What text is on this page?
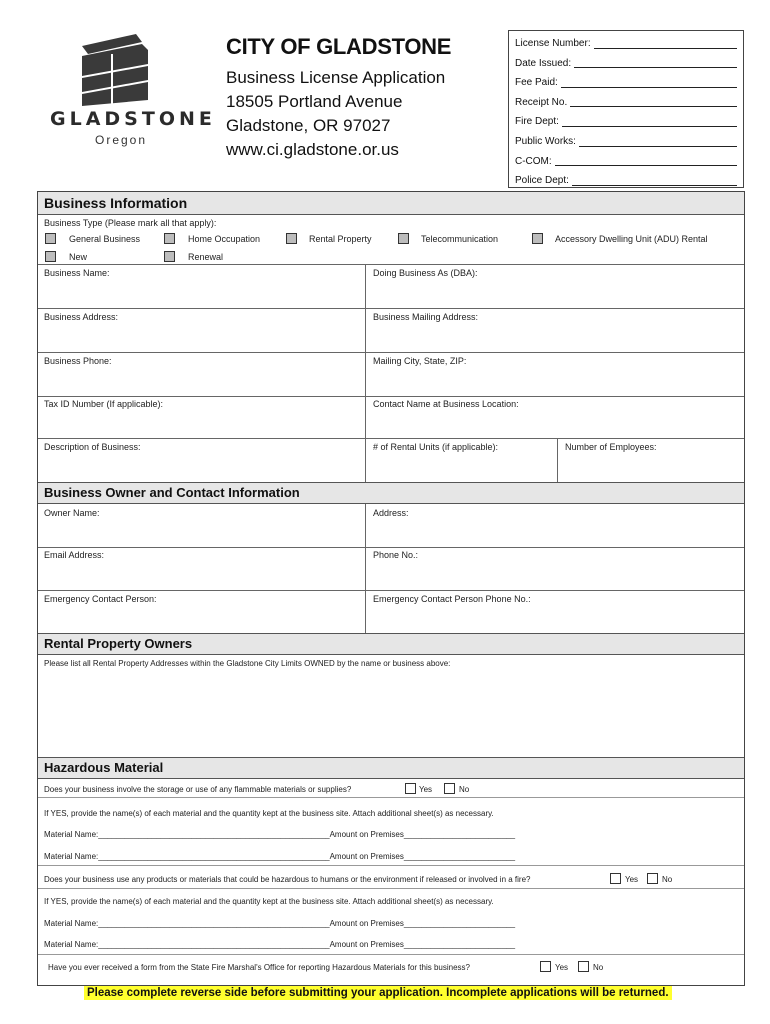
GLADSTONE
Oregon
CITY OF GLADSTONE
Business License Application
18505 Portland Avenue
Gladstone, OR 97027
www.ci.gladstone.or.us
License Number:
Date Issued:
Fee Paid:
Receipt No.
Fire Dept:
Public Works:
C-COM:
Police Dept:
Business Information
Business Type (Please mark all that apply):
General Business	Home Occupation	Rental Property	Telecommunication	Accessory Dwelling Unit (ADU) Rental
New	Renewal
Business Name:	Doing Business As (DBA):
Business Address:	Business Mailing Address:
Business Phone:	Mailing City, State, ZIP:
Tax ID Number (If applicable):	Contact Name at Business Location:
Description of Business:	# of Rental Units (if applicable):	Number of Employees:
Business Owner and Contact Information
Owner Name:	Address:
Email Address:	Phone No.:
Emergency Contact Person:	Emergency Contact Person Phone No.:
Rental Property Owners
Please list all Rental Property Addresses within the Gladstone City Limits OWNED by the name or business above:
Hazardous Material
Does your business involve the storage or use of any flammable materials or supplies?	Yes	No
If YES, provide the name(s) of each material and the quantity kept at the business site. Attach additional sheet(s) as necessary.
Material Name:____________________________________________________Amount on Premises_________________________
Material Name:____________________________________________________Amount on Premises_________________________
Does your business use any products or materials that could be hazardous to humans or the environment if released or involved in a fire?	Yes	No
If YES, provide the name(s) of each material and the quantity kept at the business site. Attach additional sheet(s) as necessary.
Material Name:____________________________________________________Amount on Premises_________________________
Material Name:____________________________________________________Amount on Premises_________________________
Have you ever received a form from the State Fire Marshal's Office for reporting Hazardous Materials for this business?	Yes	No
Please complete reverse side before submitting your application. Incomplete applications will be returned.
